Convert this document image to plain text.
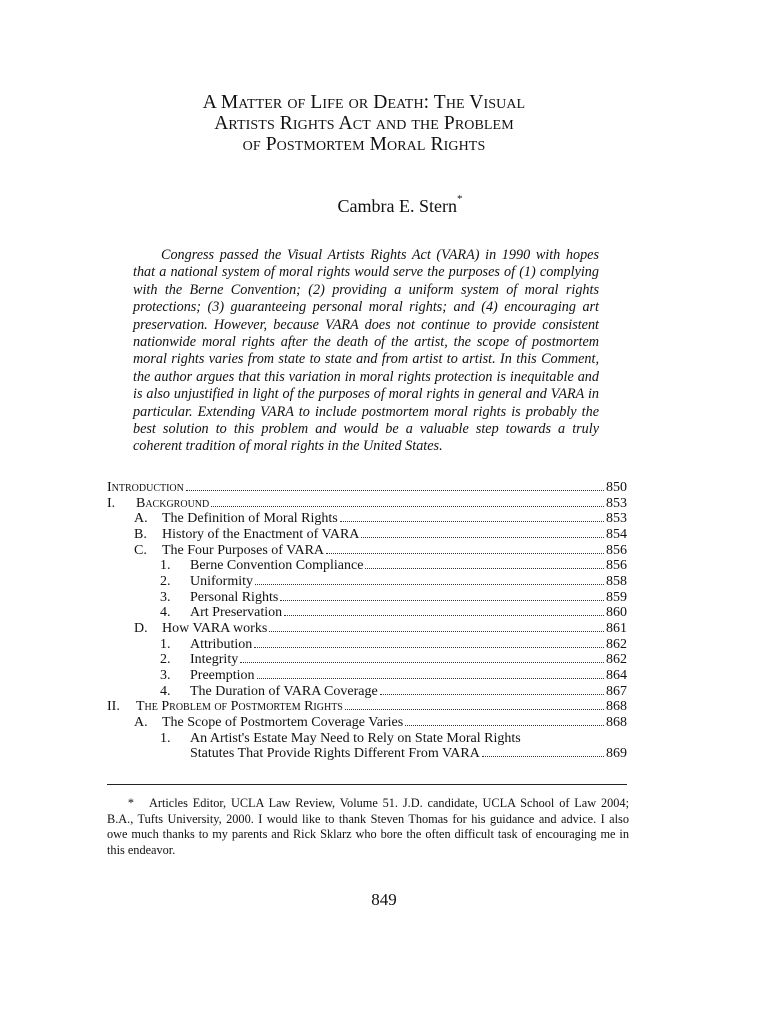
A Matter of Life or Death: The Visual
Artists Rights Act and the Problem
of Postmortem Moral Rights
Cambra E. Stern*

Congress passed the Visual Artists Rights Act (VARA) in 1990 with hopes that a national system of moral rights would serve the purposes of (1) complying with the Berne Convention; (2) providing a uniform system of moral rights protections; (3) guaranteeing personal moral rights; and (4) encouraging art preservation. However, because VARA does not continue to provide consistent nationwide moral rights after the death of the artist, the scope of postmortem moral rights varies from state to state and from artist to artist. In this Comment, the author argues that this variation in moral rights protection is inequitable and is also unjustified in light of the purposes of moral rights in general and VARA in particular. Extending VARA to include postmortem moral rights is probably the best solution to this problem and would be a valuable step towards a truly coherent tradition of moral rights in the United States.

Introduction	850
I.	Background	853
A.	The Definition of Moral Rights	853
B.	History of the Enactment of VARA	854
C.	The Four Purposes of VARA	856
1.	Berne Convention Compliance	856
2.	Uniformity	858
3.	Personal Rights	859
4.	Art Preservation	860
D.	How VARA works	861
1.	Attribution	862
2.	Integrity	862
3.	Preemption	864
4.	The Duration of VARA Coverage	867
II.	The Problem of Postmortem Rights	868
A.	The Scope of Postmortem Coverage Varies	868
1.	An Artist's Estate May Need to Rely on State Moral Rights
Statutes That Provide Rights Different From VARA	869
* Articles Editor, UCLA Law Review, Volume 51. J.D. candidate, UCLA School of Law 2004; B.A., Tufts University, 2000. I would like to thank Steven Thomas for his guidance and advice. I also owe much thanks to my parents and Rick Sklarz who bore the often difficult task of encouraging me in this endeavor.
849
